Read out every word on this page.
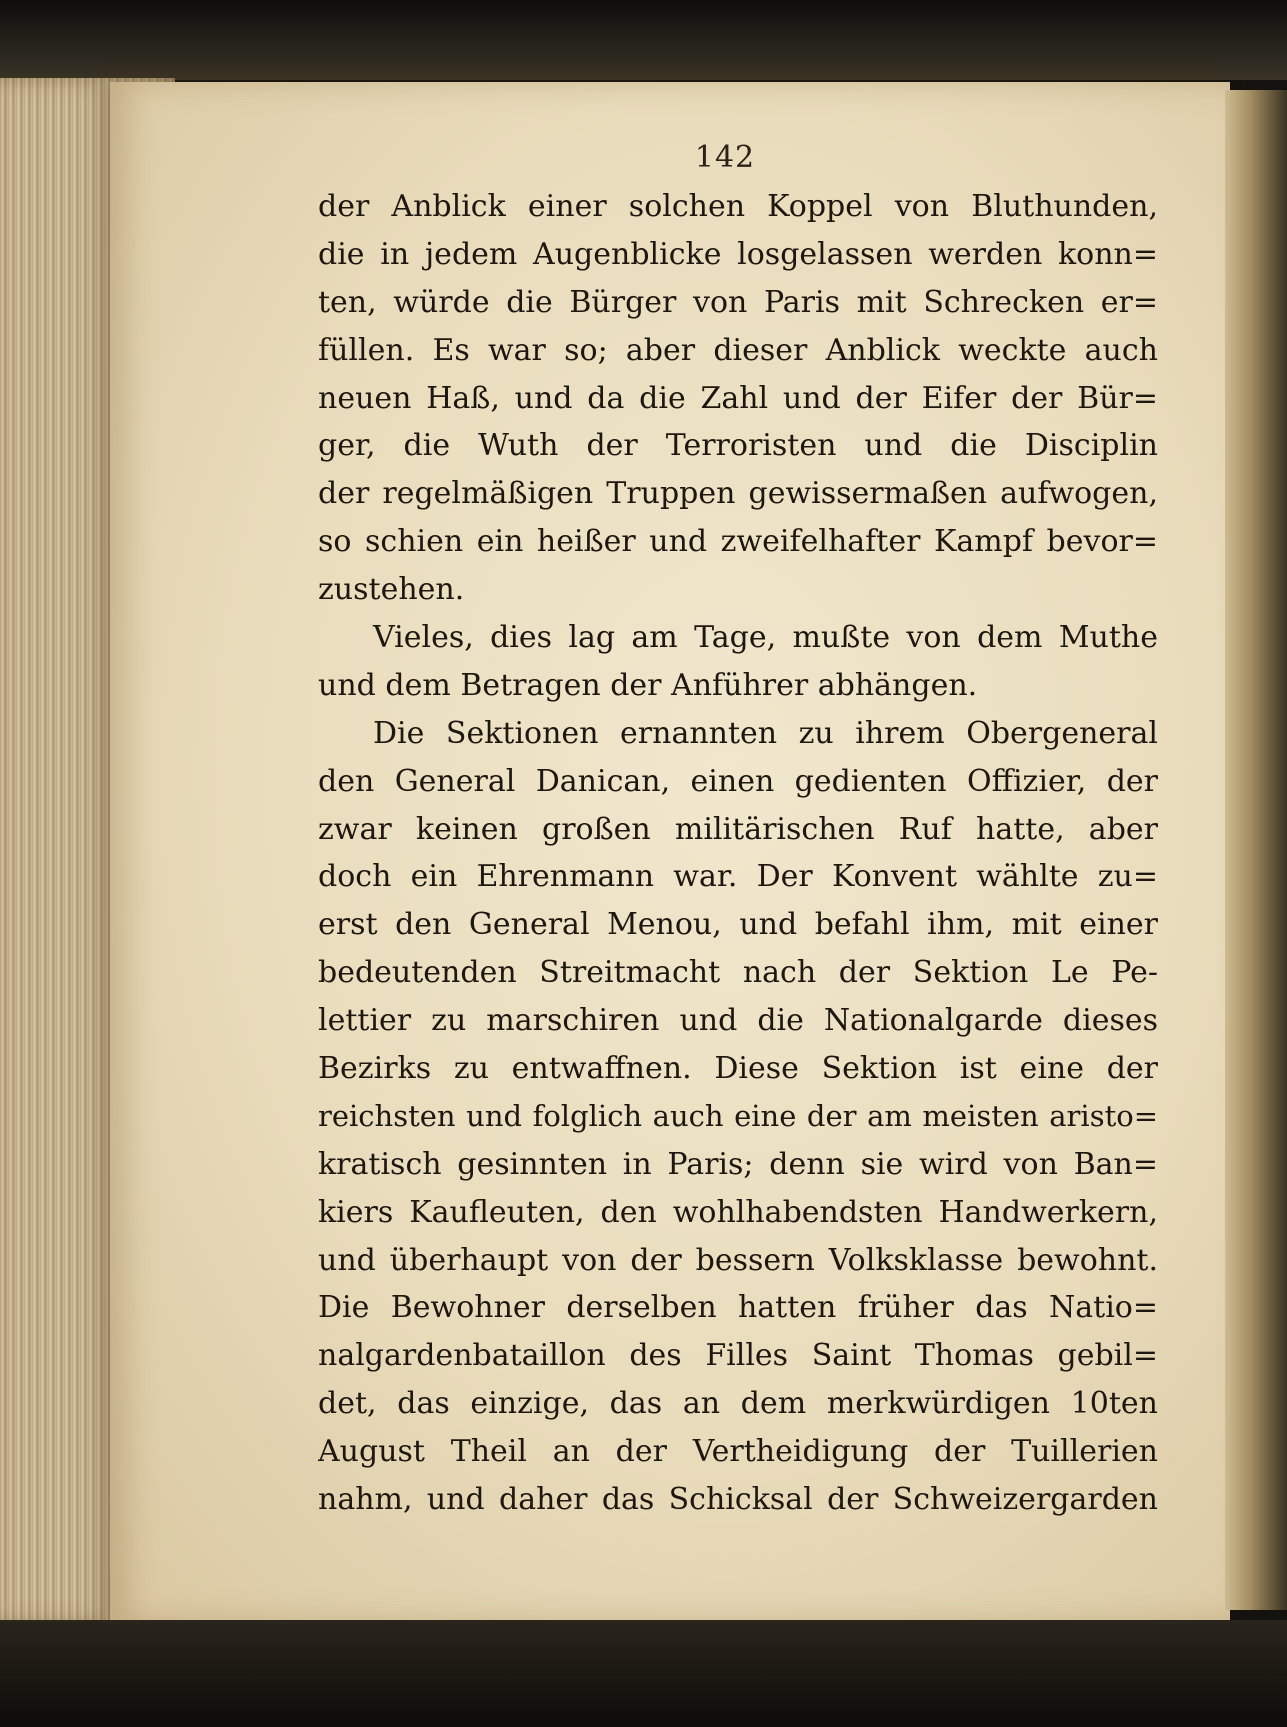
142
der Anblick einer solchen Koppel von Bluthunden,
die in jedem Augenblicke losgelassen werden konn=
ten, würde die Bürger von Paris mit Schrecken er=
füllen. Es war so; aber dieser Anblick weckte auch
neuen Haß, und da die Zahl und der Eifer der Bür=
ger, die Wuth der Terroristen und die Disciplin
der regelmäßigen Truppen gewissermaßen aufwogen,
so schien ein heißer und zweifelhafter Kampf bevor=
zustehen.
Vieles, dies lag am Tage, mußte von dem Muthe
und dem Betragen der Anführer abhängen.
Die Sektionen ernannten zu ihrem Obergeneral
den General Danican, einen gedienten Offizier, der
zwar keinen großen militärischen Ruf hatte, aber
doch ein Ehrenmann war. Der Konvent wählte zu=
erst den General Menou, und befahl ihm, mit einer
bedeutenden Streitmacht nach der Sektion Le Pe-
lettier zu marschiren und die Nationalgarde dieses
Bezirks zu entwaffnen. Diese Sektion ist eine der
reichsten und folglich auch eine der am meisten aristo=
kratisch gesinnten in Paris; denn sie wird von Ban=
kiers Kaufleuten, den wohlhabendsten Handwerkern,
und überhaupt von der bessern Volksklasse bewohnt.
Die Bewohner derselben hatten früher das Natio=
nalgardenbataillon des Filles Saint Thomas gebil=
det, das einzige, das an dem merkwürdigen 10ten
August Theil an der Vertheidigung der Tuillerien
nahm, und daher das Schicksal der Schweizergarden
